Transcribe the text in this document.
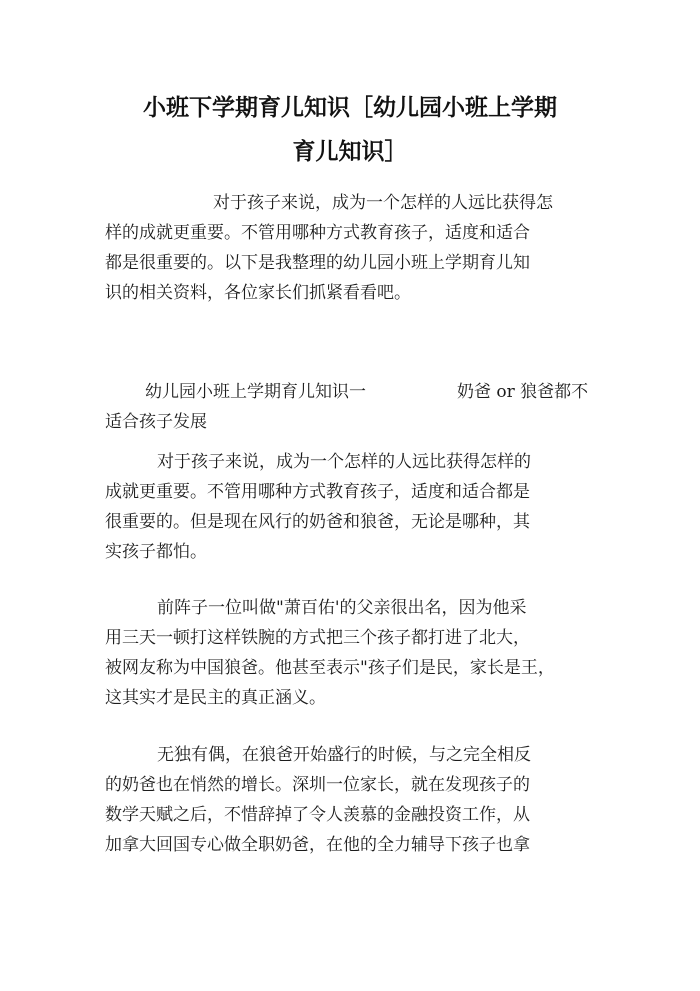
小班下学期育儿知识［幼儿园小班上学期
育儿知识］
对于孩子来说，成为一个怎样的人远比获得怎
样的成就更重要。不管用哪种方式教育孩子，适度和适合
都是很重要的。以下是我整理的幼儿园小班上学期育儿知
识的相关资料，各位家长们抓紧看看吧。
幼儿园小班上学期育儿知识一	奶爸 or 狼爸都不
适合孩子发展
对于孩子来说，成为一个怎样的人远比获得怎样的
成就更重要。不管用哪种方式教育孩子，适度和适合都是
很重要的。但是现在风行的奶爸和狼爸，无论是哪种，其
实孩子都怕。
前阵子一位叫做"萧百佑'的父亲很出名，因为他采
用三天一顿打这样铁腕的方式把三个孩子都打进了北大，
被网友称为中国狼爸。他甚至表示"孩子们是民，家长是王，
这其实才是民主的真正涵义。
无独有偶，在狼爸开始盛行的时候，与之完全相反
的奶爸也在悄然的增长。深圳一位家长，就在发现孩子的
数学天赋之后，不惜辞掉了令人羡慕的金融投资工作，从
加拿大回国专心做全职奶爸，在他的全力辅导下孩子也拿
